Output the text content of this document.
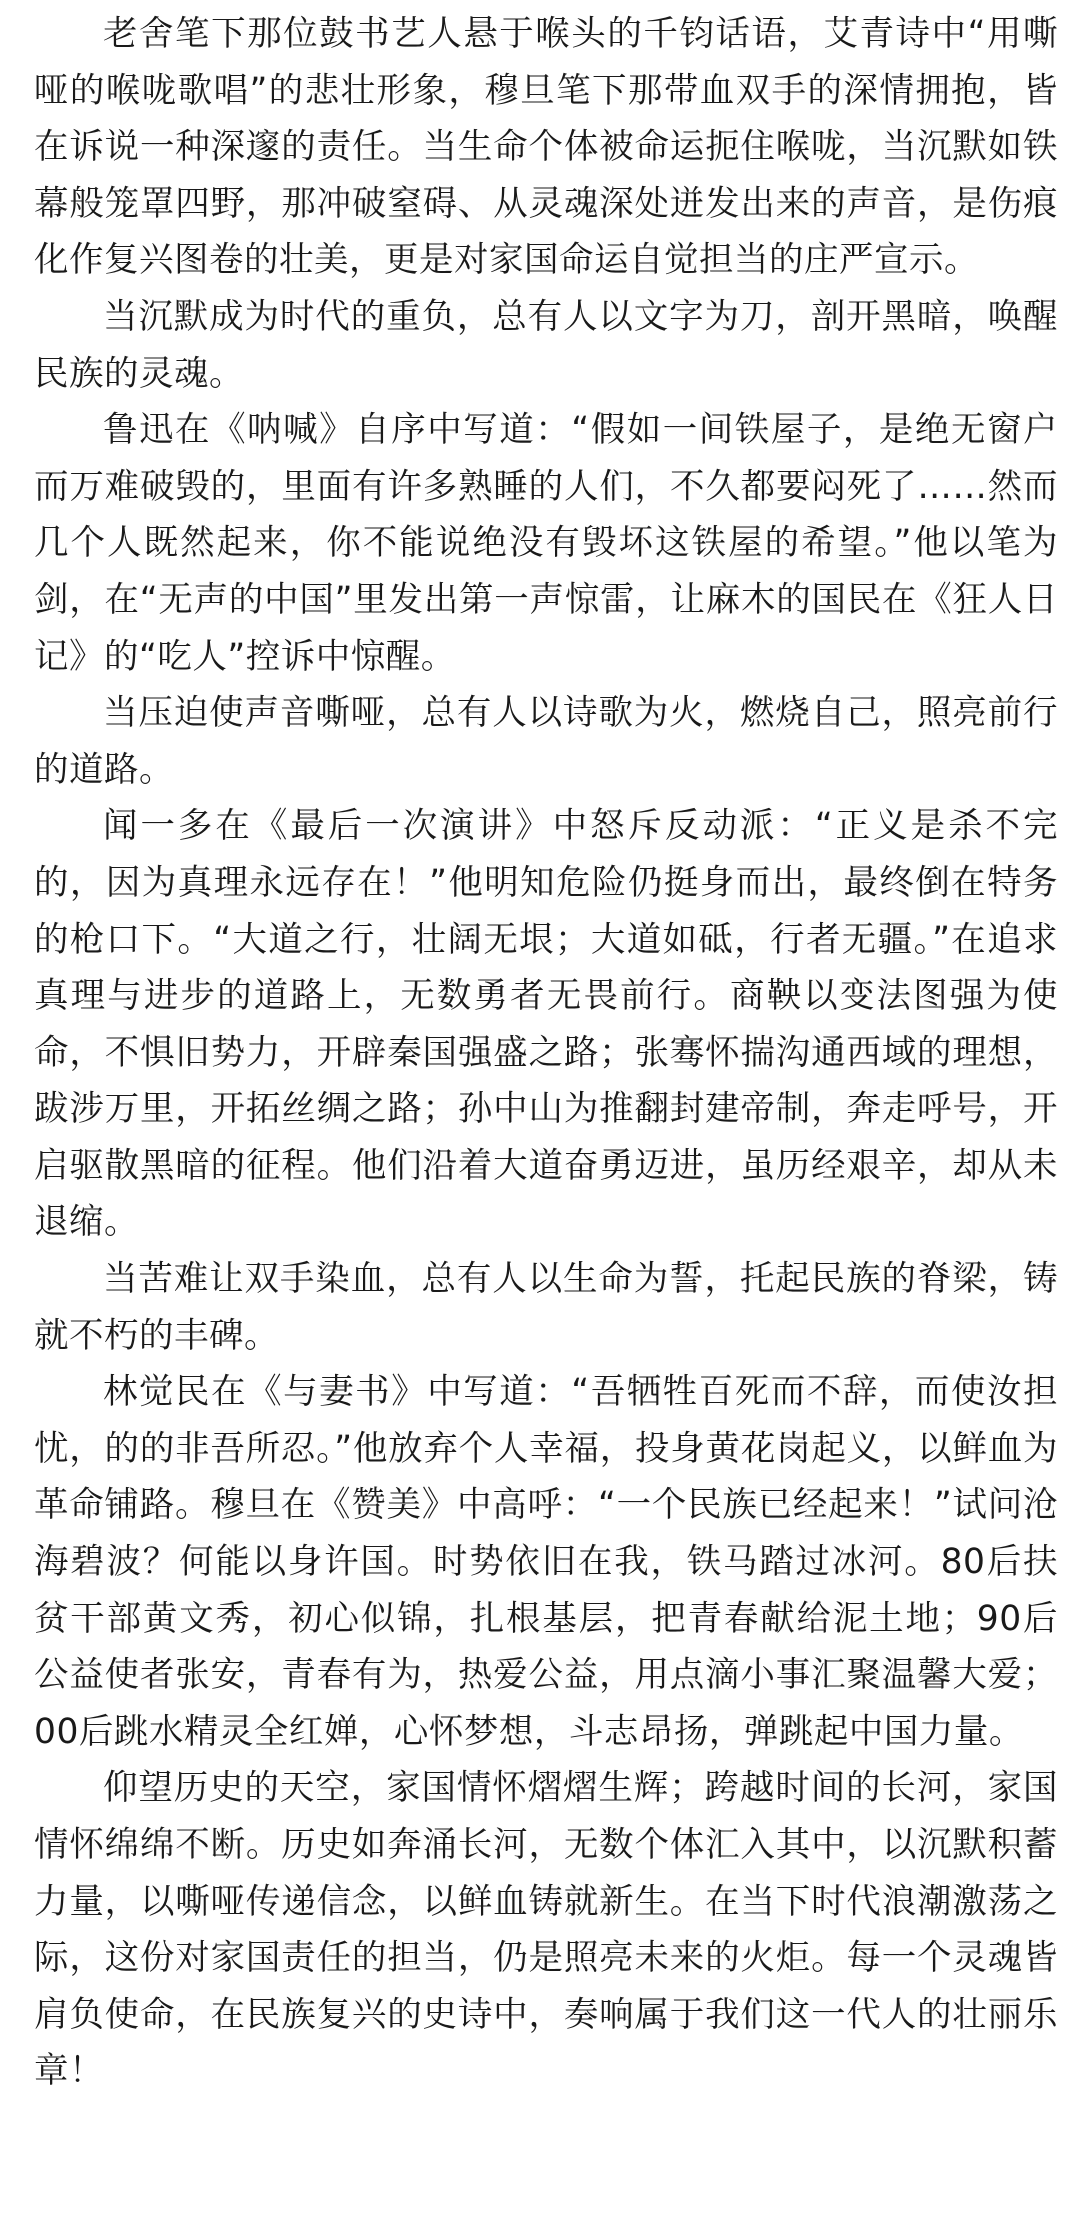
老舍笔下那位鼓书艺人悬于喉头的千钧话语，艾青诗中“用嘶哑的喉咙歌唱”的悲壮形象，穆旦笔下那带血双手的深情拥抱，皆在诉说一种深邃的责任。当生命个体被命运扼住喉咙，当沉默如铁幕般笼罩四野，那冲破窒碍、从灵魂深处迸发出来的声音，是伤痕化作复兴图卷的壮美，更是对家国命运自觉担当的庄严宣示。

当沉默成为时代的重负，总有人以文字为刀，剖开黑暗，唤醒民族的灵魂。

鲁迅在《呐喊》自序中写道：“假如一间铁屋子，是绝无窗户而万难破毁的，里面有许多熟睡的人们，不久都要闷死了……然而几个人既然起来，你不能说绝没有毁坏这铁屋的希望。”他以笔为剑，在“无声的中国”里发出第一声惊雷，让麻木的国民在《狂人日记》的“吃人”控诉中惊醒。

当压迫使声音嘶哑，总有人以诗歌为火，燃烧自己，照亮前行的道路。

闻一多在《最后一次演讲》中怒斥反动派：“正义是杀不完的，因为真理永远存在！”他明知危险仍挺身而出，最终倒在特务的枪口下。“大道之行，壮阔无垠；大道如砥，行者无疆。”在追求真理与进步的道路上，无数勇者无畏前行。商鞅以变法图强为使命，不惧旧势力，开辟秦国强盛之路；张骞怀揣沟通西域的理想，跋涉万里，开拓丝绸之路；孙中山为推翻封建帝制，奔走呼号，开启驱散黑暗的征程。他们沿着大道奋勇迈进，虽历经艰辛，却从未退缩。

当苦难让双手染血，总有人以生命为誓，托起民族的脊梁，铸就不朽的丰碑。

林觉民在《与妻书》中写道：“吾牺牲百死而不辞，而使汝担忧，的的非吾所忍。”他放弃个人幸福，投身黄花岗起义，以鲜血为革命铺路。穆旦在《赞美》中高呼：“一个民族已经起来！”试问沧海碧波？何能以身许国。时势依旧在我，铁马踏过冰河。80后扶贫干部黄文秀，初心似锦，扎根基层，把青春献给泥土地；90后公益使者张安，青春有为，热爱公益，用点滴小事汇聚温馨大爱；00后跳水精灵全红婵，心怀梦想，斗志昂扬，弹跳起中国力量。

仰望历史的天空，家国情怀熠熠生辉；跨越时间的长河，家国情怀绵绵不断。历史如奔涌长河，无数个体汇入其中，以沉默积蓄力量，以嘶哑传递信念，以鲜血铸就新生。在当下时代浪潮激荡之际，这份对家国责任的担当，仍是照亮未来的火炬。每一个灵魂皆肩负使命，在民族复兴的史诗中，奏响属于我们这一代人的壮丽乐章！
